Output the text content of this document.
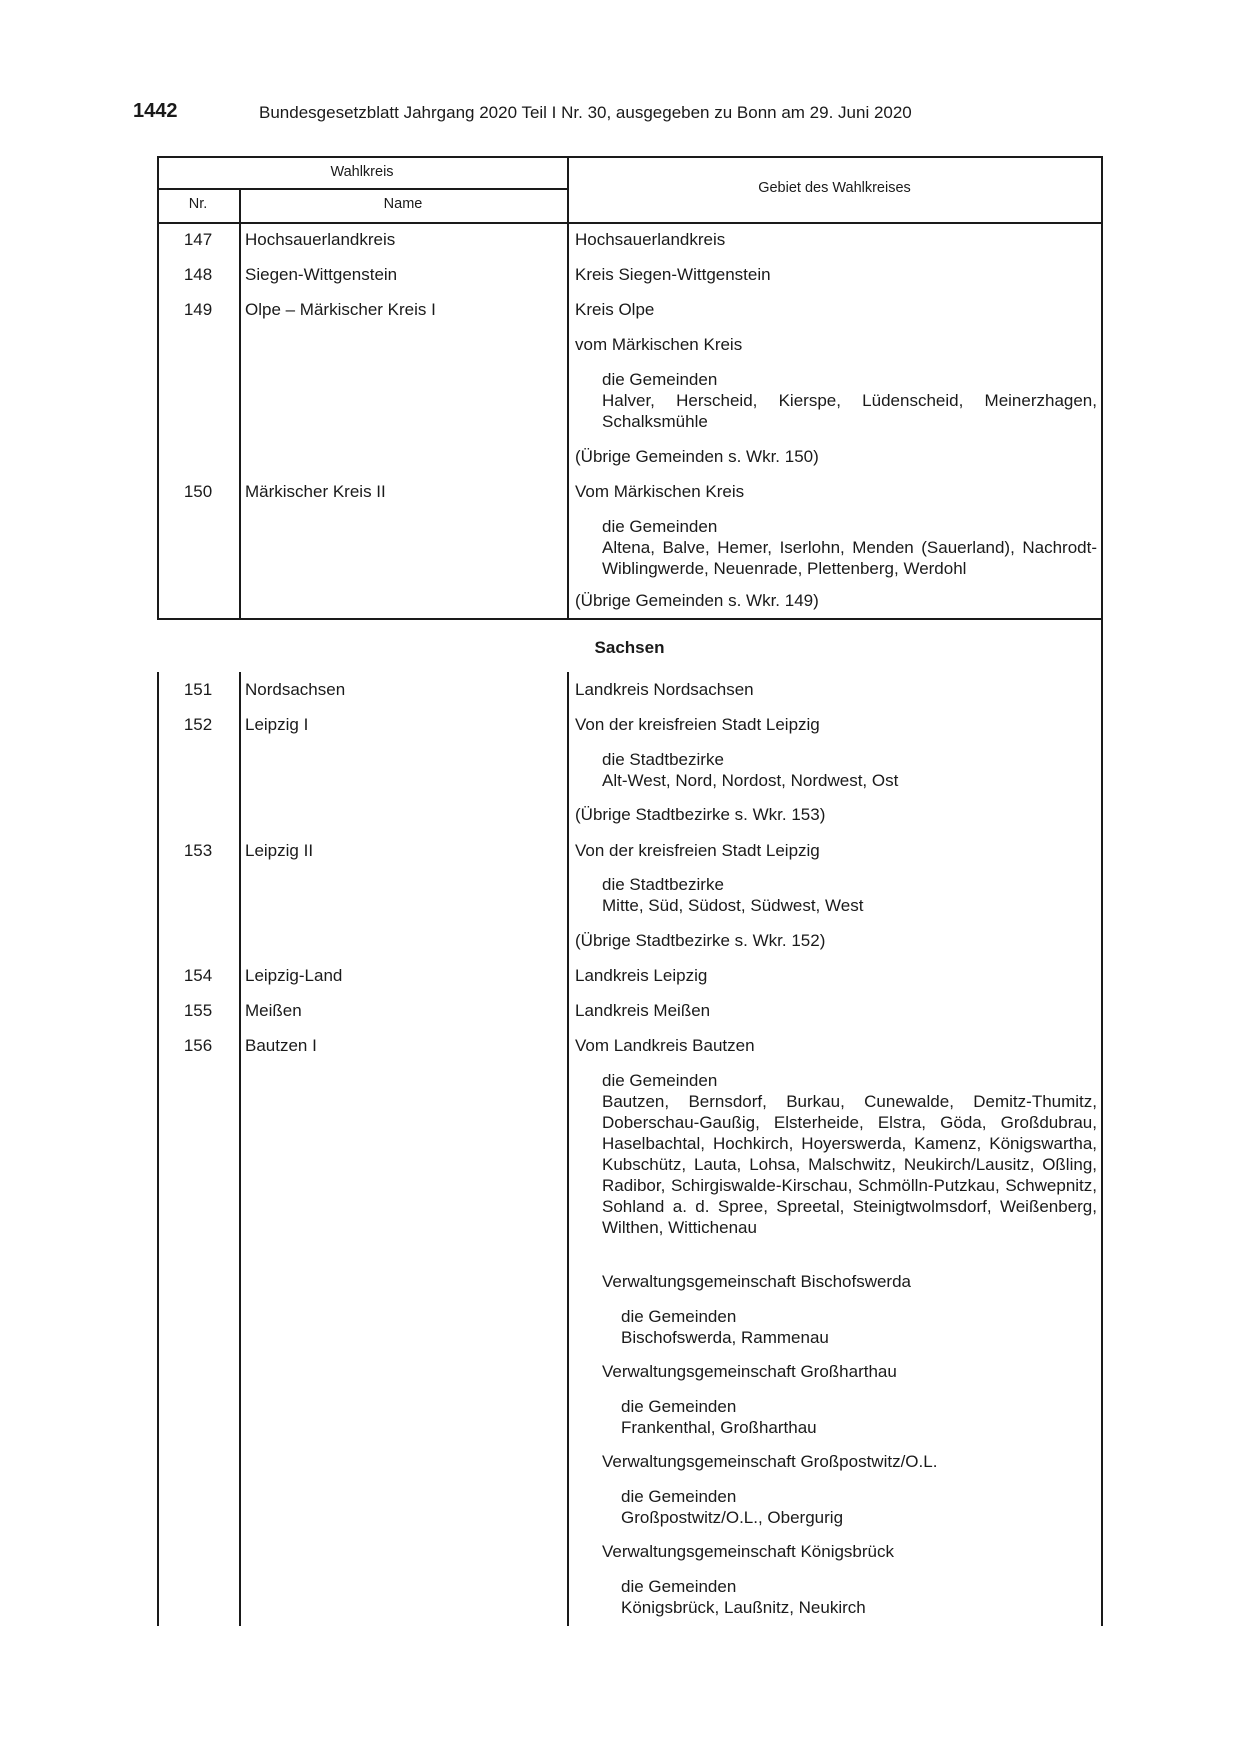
1442	Bundesgesetzblatt Jahrgang 2020 Teil I Nr. 30, ausgegeben zu Bonn am 29. Juni 2020
Wahlkreis
Nr.	Name
Gebiet des Wahlkreises
147	Hochsauerlandkreis	Hochsauerlandkreis
148	Siegen-Wittgenstein	Kreis Siegen-Wittgenstein
149	Olpe – Märkischer Kreis I	Kreis Olpe
vom Märkischen Kreis
die Gemeinden
Halver, Herscheid, Kierspe, Lüdenscheid, Meinerzhagen, Schalksmühle
(Übrige Gemeinden s. Wkr. 150)
150	Märkischer Kreis II	Vom Märkischen Kreis
die Gemeinden
Altena, Balve, Hemer, Iserlohn, Menden (Sauerland), Nachrodt-Wiblingwerde, Neuenrade, Plettenberg, Werdohl
(Übrige Gemeinden s. Wkr. 149)
Sachsen
151	Nordsachsen	Landkreis Nordsachsen
152	Leipzig I	Von der kreisfreien Stadt Leipzig
die Stadtbezirke
Alt-West, Nord, Nordost, Nordwest, Ost
(Übrige Stadtbezirke s. Wkr. 153)
153	Leipzig II	Von der kreisfreien Stadt Leipzig
die Stadtbezirke
Mitte, Süd, Südost, Südwest, West
(Übrige Stadtbezirke s. Wkr. 152)
154	Leipzig-Land	Landkreis Leipzig
155	Meißen	Landkreis Meißen
156	Bautzen I	Vom Landkreis Bautzen
die Gemeinden
Bautzen, Bernsdorf, Burkau, Cunewalde, Demitz-Thumitz, Doberschau-Gaußig, Elsterheide, Elstra, Göda, Großdubrau, Haselbachtal, Hochkirch, Hoyerswerda, Kamenz, Königswartha, Kubschütz, Lauta, Lohsa, Malschwitz, Neukirch/Lausitz, Oßling, Radibor, Schirgiswalde-Kirschau, Schmölln-Putzkau, Schwepnitz, Sohland a. d. Spree, Spreetal, Steinigtwolmsdorf, Weißenberg, Wilthen, Wittichenau
Verwaltungsgemeinschaft Bischofswerda
die Gemeinden
Bischofswerda, Rammenau
Verwaltungsgemeinschaft Großharthau
die Gemeinden
Frankenthal, Großharthau
Verwaltungsgemeinschaft Großpostwitz/O.L.
die Gemeinden
Großpostwitz/O.L., Obergurig
Verwaltungsgemeinschaft Königsbrück
die Gemeinden
Königsbrück, Laußnitz, Neukirch
